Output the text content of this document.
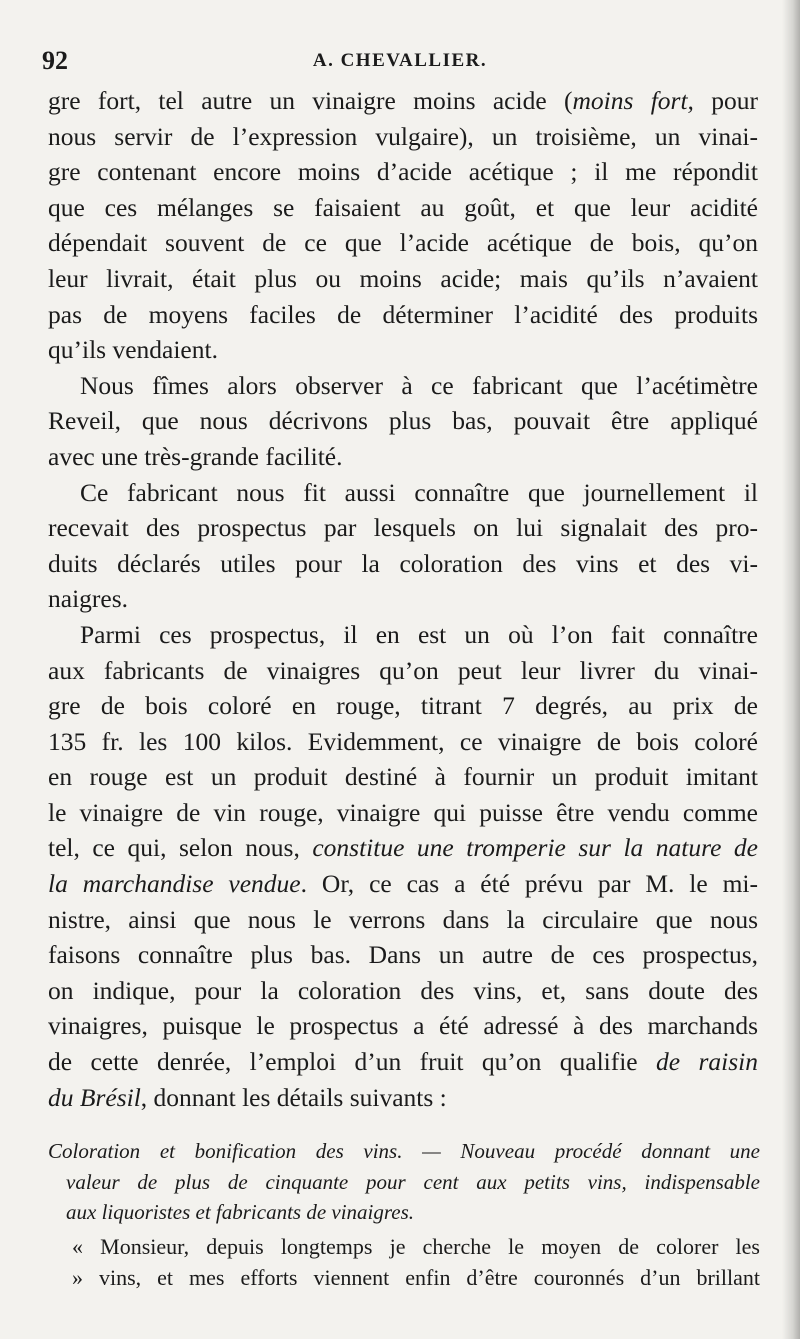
92	A. CHEVALLIER.
gre fort, tel autre un vinaigre moins acide (moins fort, pour
nous servir de l’expression vulgaire), un troisième, un vinai-
gre contenant encore moins d’acide acétique ; il me répondit
que ces mélanges se faisaient au goût, et que leur acidité
dépendait souvent de ce que l’acide acétique de bois, qu’on
leur livrait, était plus ou moins acide; mais qu’ils n’avaient
pas de moyens faciles de déterminer l’acidité des produits
qu’ils vendaient.
Nous fîmes alors observer à ce fabricant que l’acétimètre
Reveil, que nous décrivons plus bas, pouvait être appliqué
avec une très-grande facilité.
Ce fabricant nous fit aussi connaître que journellement il
recevait des prospectus par lesquels on lui signalait des pro-
duits déclarés utiles pour la coloration des vins et des vi-
naigres.
Parmi ces prospectus, il en est un où l’on fait connaître
aux fabricants de vinaigres qu’on peut leur livrer du vinai-
gre de bois coloré en rouge, titrant 7 degrés, au prix de
135 fr. les 100 kilos. Evidemment, ce vinaigre de bois coloré
en rouge est un produit destiné à fournir un produit imitant
le vinaigre de vin rouge, vinaigre qui puisse être vendu comme
tel, ce qui, selon nous, constitue une tromperie sur la nature de
la marchandise vendue. Or, ce cas a été prévu par M. le mi-
nistre, ainsi que nous le verrons dans la circulaire que nous
faisons connaître plus bas. Dans un autre de ces prospectus,
on indique, pour la coloration des vins, et, sans doute des
vinaigres, puisque le prospectus a été adressé à des marchands
de cette denrée, l’emploi d’un fruit qu’on qualifie de raisin
du Brésil, donnant les détails suivants :
Coloration et bonification des vins. — Nouveau procédé donnant une
valeur de plus de cinquante pour cent aux petits vins, indispensable
aux liquoristes et fabricants de vinaigres.
« Monsieur, depuis longtemps je cherche le moyen de colorer les
» vins, et mes efforts viennent enfin d’être couronnés d’un brillant
